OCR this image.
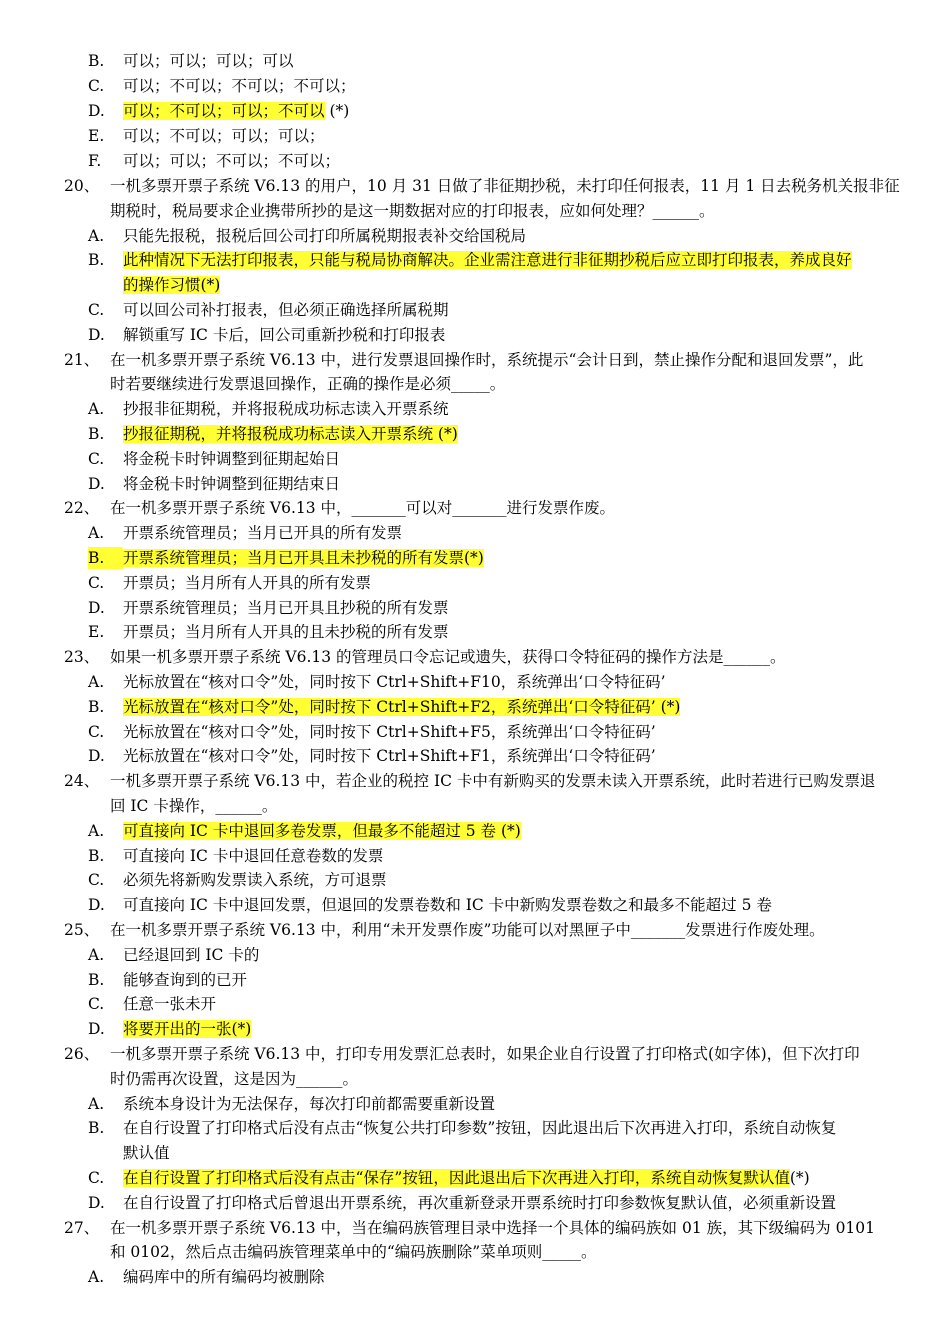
B. 可以；可以；可以；可以
C. 可以；不可以；不可以；不可以；
D. 可以；不可以；可以；不可以 (*)
E. 可以；不可以；可以；可以；
F. 可以；可以；不可以；不可以；
20、 一机多票开票子系统 V6.13 的用户，10 月 31 日做了非征期抄税，未打印任何报表，11 月 1 日去税务机关报非征
期税时，税局要求企业携带所抄的是这一期数据对应的打印报表，应如何处理？______。
A. 只能先报税，报税后回公司打印所属税期报表补交给国税局
B. 此种情况下无法打印报表，只能与税局协商解决。企业需注意进行非征期抄税后应立即打印报表，养成良好
的操作习惯(*)
C. 可以回公司补打报表，但必须正确选择所属税期
D. 解锁重写 IC 卡后，回公司重新抄税和打印报表
21、 在一机多票开票子系统 V6.13 中，进行发票退回操作时，系统提示“会计日到，禁止操作分配和退回发票”，此
时若要继续进行发票退回操作，正确的操作是必须_____。
A. 抄报非征期税，并将报税成功标志读入开票系统
B. 抄报征期税，并将报税成功标志读入开票系统 (*)
C. 将金税卡时钟调整到征期起始日
D. 将金税卡时钟调整到征期结束日
22、 在一机多票开票子系统 V6.13 中，_______可以对_______进行发票作废。
A. 开票系统管理员；当月已开具的所有发票
B. 开票系统管理员；当月已开具且未抄税的所有发票(*)
C. 开票员；当月所有人开具的所有发票
D. 开票系统管理员；当月已开具且抄税的所有发票
E. 开票员；当月所有人开具的且未抄税的所有发票
23、 如果一机多票开票子系统 V6.13 的管理员口令忘记或遗失，获得口令特征码的操作方法是______。
A. 光标放置在“核对口令”处，同时按下 Ctrl+Shift+F10，系统弹出‘口令特征码’
B. 光标放置在“核对口令”处，同时按下 Ctrl+Shift+F2，系统弹出‘口令特征码’ (*)
C. 光标放置在“核对口令”处，同时按下 Ctrl+Shift+F5，系统弹出‘口令特征码’
D. 光标放置在“核对口令”处，同时按下 Ctrl+Shift+F1，系统弹出‘口令特征码’
24、 一机多票开票子系统 V6.13 中，若企业的税控 IC 卡中有新购买的发票未读入开票系统，此时若进行已购发票退
回 IC 卡操作，______。
A. 可直接向 IC 卡中退回多卷发票，但最多不能超过 5 卷 (*)
B. 可直接向 IC 卡中退回任意卷数的发票
C. 必须先将新购发票读入系统，方可退票
D. 可直接向 IC 卡中退回发票，但退回的发票卷数和 IC 卡中新购发票卷数之和最多不能超过 5 卷
25、 在一机多票开票子系统 V6.13 中，利用“未开发票作废”功能可以对黑匣子中_______发票进行作废处理。
A. 已经退回到 IC 卡的
B. 能够查询到的已开
C. 任意一张未开
D. 将要开出的一张(*)
26、 一机多票开票子系统 V6.13 中，打印专用发票汇总表时，如果企业自行设置了打印格式(如字体)，但下次打印
时仍需再次设置，这是因为______。
A. 系统本身设计为无法保存，每次打印前都需要重新设置
B. 在自行设置了打印格式后没有点击“恢复公共打印参数”按钮，因此退出后下次再进入打印，系统自动恢复
默认值
C. 在自行设置了打印格式后没有点击“保存”按钮，因此退出后下次再进入打印，系统自动恢复默认值(*)
D. 在自行设置了打印格式后曾退出开票系统，再次重新登录开票系统时打印参数恢复默认值，必须重新设置
27、 在一机多票开票子系统 V6.13 中，当在编码族管理目录中选择一个具体的编码族如 01 族，其下级编码为 0101
和 0102，然后点击编码族管理菜单中的“编码族删除”菜单项则_____。
A. 编码库中的所有编码均被删除
